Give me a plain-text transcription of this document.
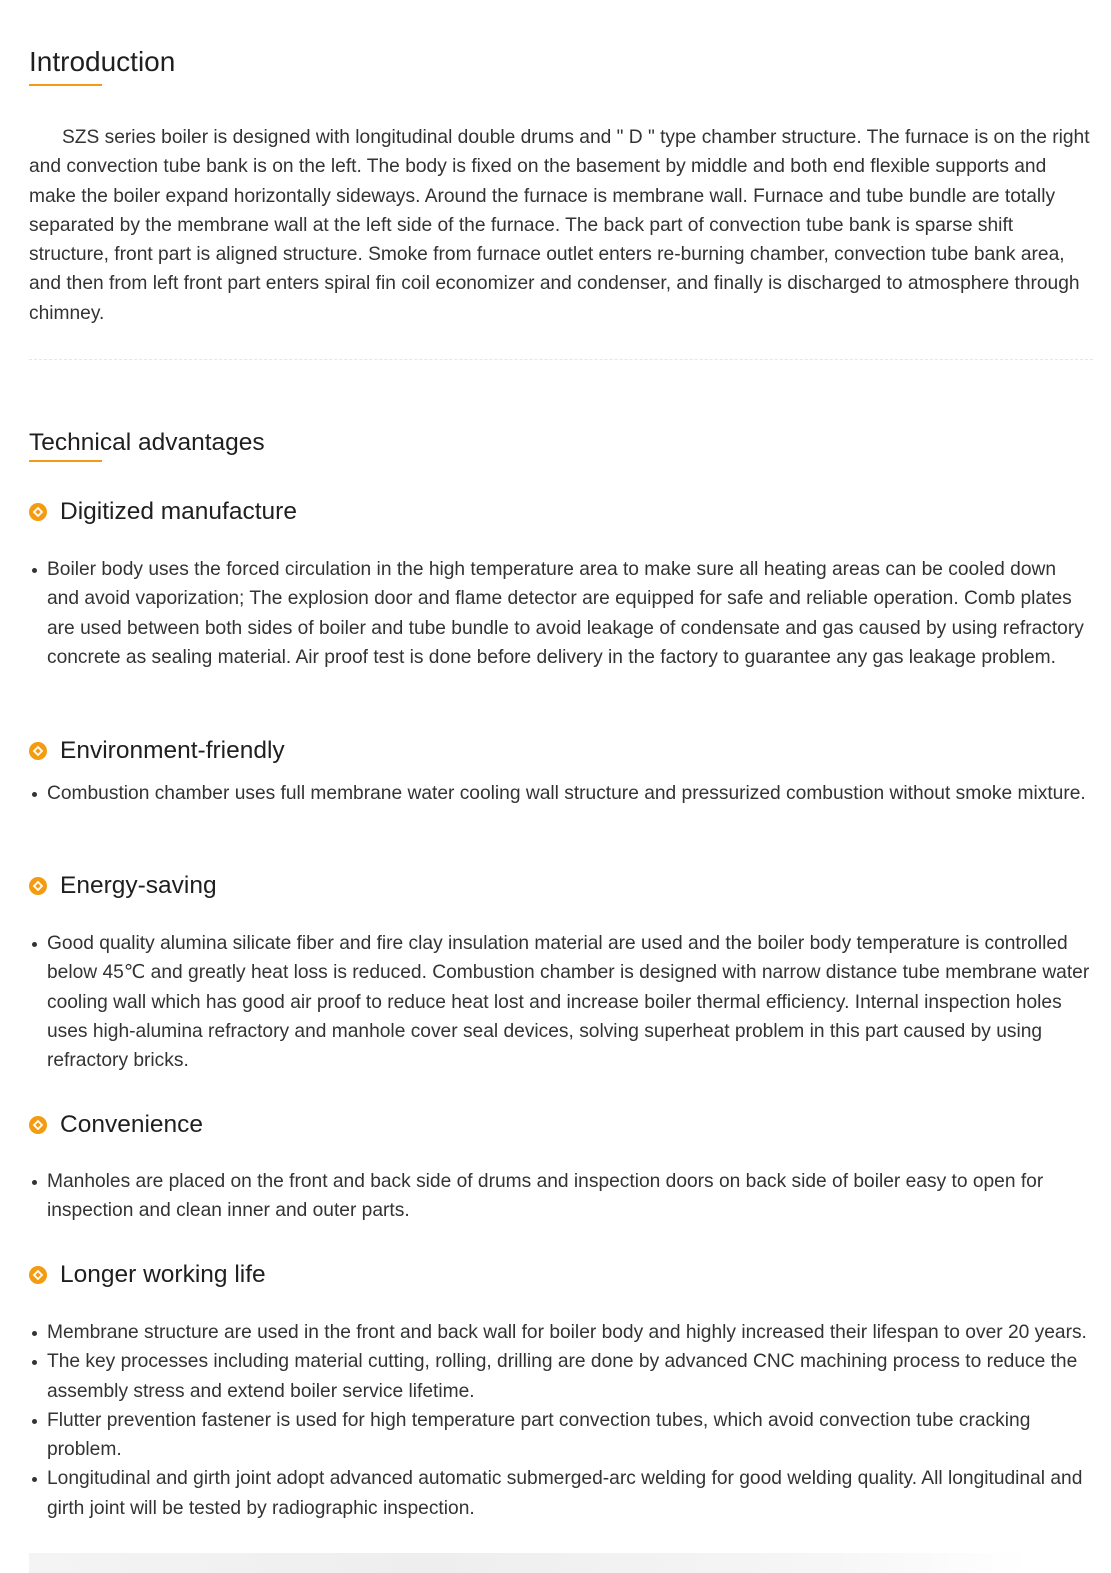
Introduction

SZS series boiler is designed with longitudinal double drums and " D " type chamber structure. The furnace is on the right and convection tube bank is on the left. The body is fixed on the basement by middle and both end flexible supports and make the boiler expand horizontally sideways. Around the furnace is membrane wall. Furnace and tube bundle are totally separated by the membrane wall at the left side of the furnace. The back part of convection tube bank is sparse shift structure, front part is aligned structure. Smoke from furnace outlet enters re-burning chamber, convection tube bank area, and then from left front part enters spiral fin coil economizer and condenser, and finally is discharged to atmosphere through chimney.

Technical advantages
Digitized manufacture
Boiler body uses the forced circulation in the high temperature area to make sure all heating areas can be cooled down and avoid vaporization; The explosion door and flame detector are equipped for safe and reliable operation. Comb plates are used between both sides of boiler and tube bundle to avoid leakage of condensate and gas caused by using refractory concrete as sealing material. Air proof test is done before delivery in the factory to guarantee any gas leakage problem.
Environment-friendly
Combustion chamber uses full membrane water cooling wall structure and pressurized combustion without smoke mixture.
Energy-saving
Good quality alumina silicate fiber and fire clay insulation material are used and the boiler body temperature is controlled below 45℃ and greatly heat loss is reduced. Combustion chamber is designed with narrow distance tube membrane water cooling wall which has good air proof to reduce heat lost and increase boiler thermal efficiency. Internal inspection holes uses high-alumina refractory and manhole cover seal devices, solving superheat problem in this part caused by using refractory bricks.
Convenience
Manholes are placed on the front and back side of drums and inspection doors on back side of boiler easy to open for inspection and clean inner and outer parts.
Longer working life
Membrane structure are used in the front and back wall for boiler body and highly increased their lifespan to over 20 years.
The key processes including material cutting, rolling, drilling are done by advanced CNC machining process to reduce the assembly stress and extend boiler service lifetime.
Flutter prevention fastener is used for high temperature part convection tubes, which avoid convection tube cracking problem.
Longitudinal and girth joint adopt advanced automatic submerged-arc welding for good welding quality. All longitudinal and girth joint will be tested by radiographic inspection.
